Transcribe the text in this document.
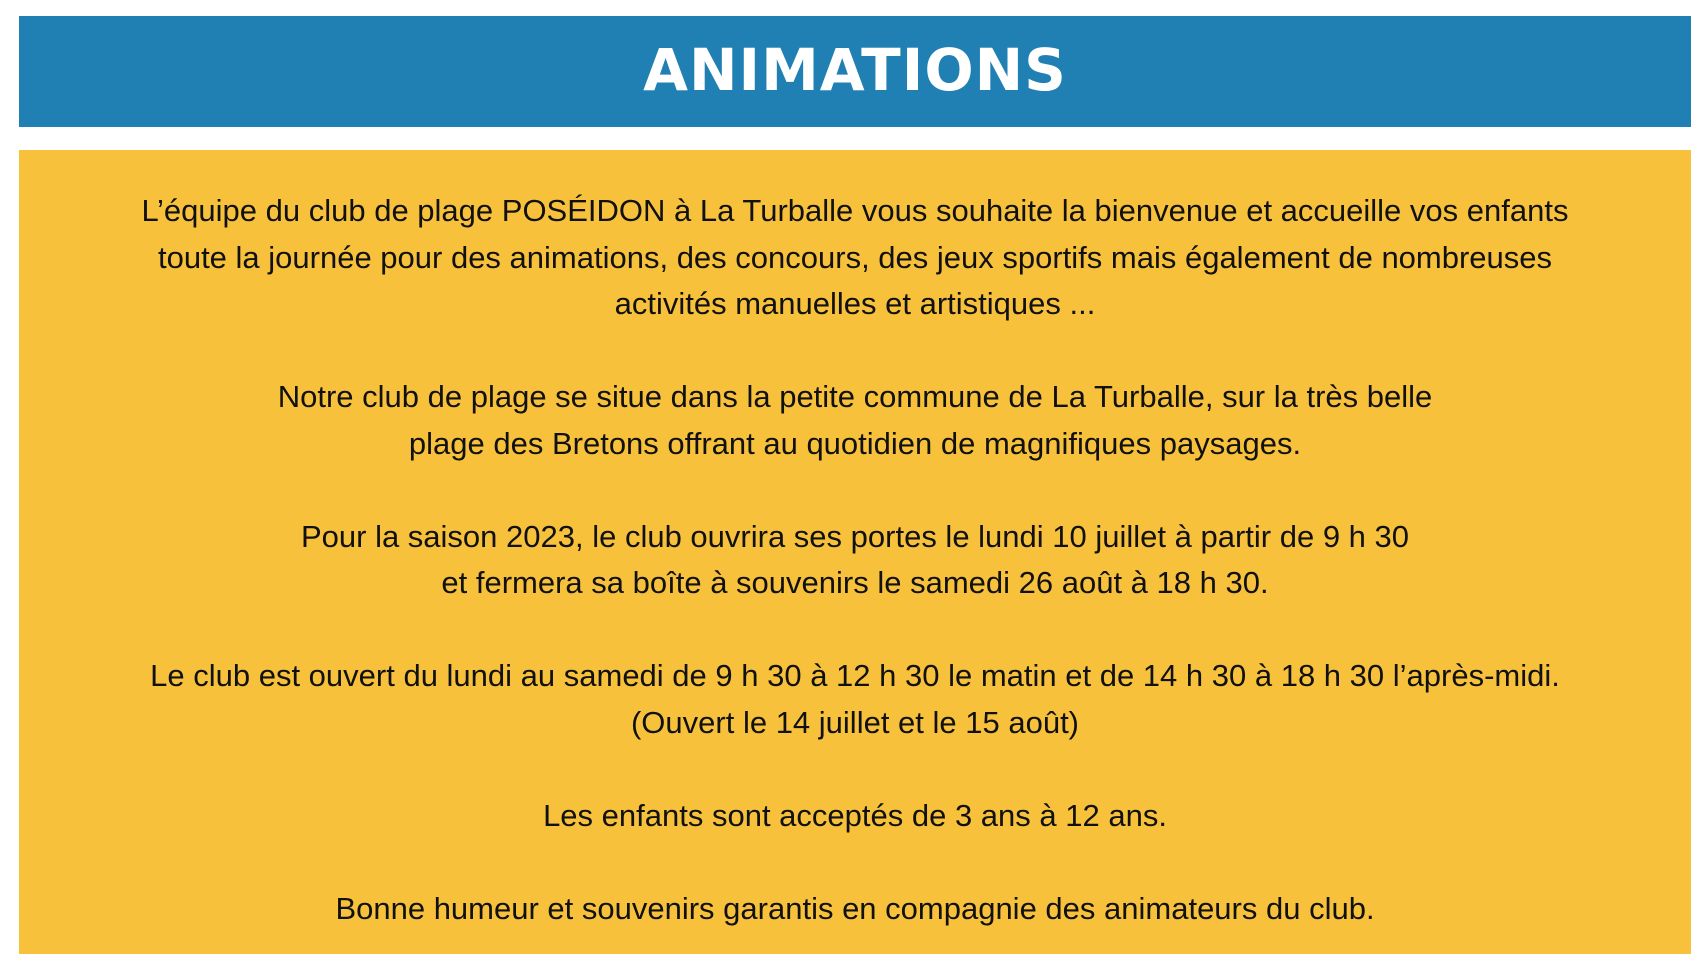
ANIMATIONS

L’équipe du club de plage POSÉIDON à La Turballe vous souhaite la bienvenue et accueille vos enfants
toute la journée pour des animations, des concours, des jeux sportifs mais également de nombreuses
activités manuelles et artistiques ...

Notre club de plage se situe dans la petite commune de La Turballe, sur la très belle
plage des Bretons offrant au quotidien de magnifiques paysages.

Pour la saison 2023, le club ouvrira ses portes le lundi 10 juillet à partir de 9 h 30
et fermera sa boîte à souvenirs le samedi 26 août à 18 h 30.

Le club est ouvert du lundi au samedi de 9 h 30 à 12 h 30 le matin et de 14 h 30 à 18 h 30 l’après-midi.
(Ouvert le 14 juillet et le 15 août)

Les enfants sont acceptés de 3 ans à 12 ans.

Bonne humeur et souvenirs garantis en compagnie des animateurs du club.
